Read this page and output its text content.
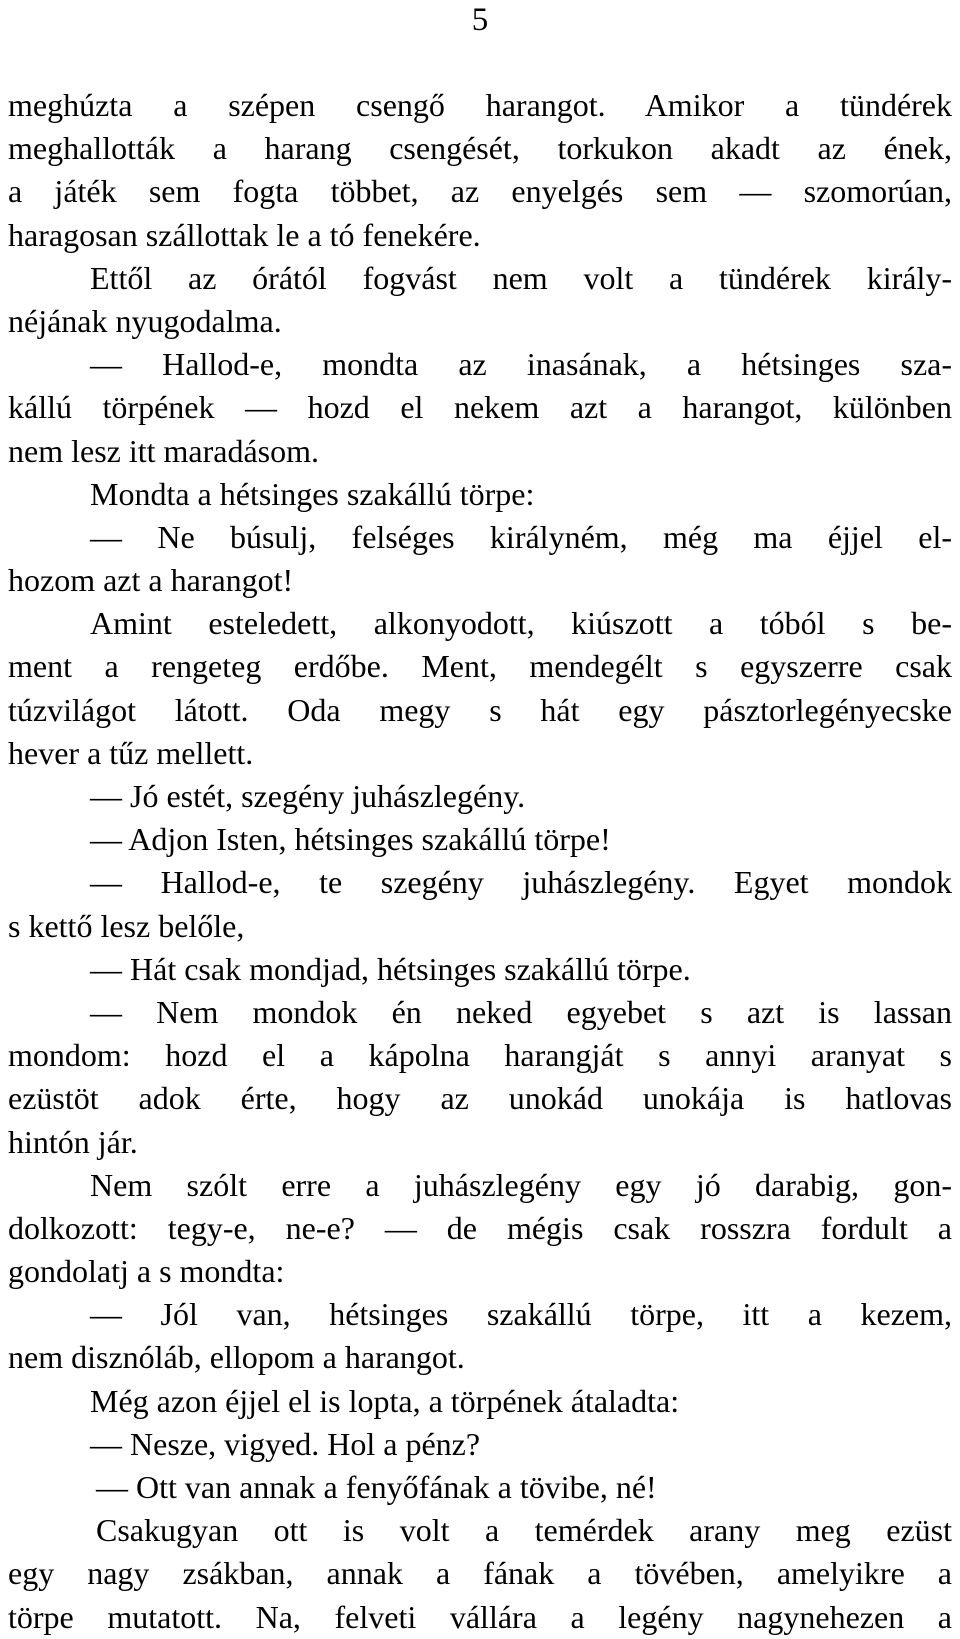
5
meghúzta a szépen csengő harangot. Amikor a tündérek
meghallották a harang csengését, torkukon akadt az ének,
a játék sem fogta többet, az enyelgés sem — szomorúan,
haragosan szállottak le a tó fenekére.
Ettől az órától fogvást nem volt a tündérek király-
néjának nyugodalma.
— Hallod-e, mondta az inasának, a hétsinges sza-
kállú törpének — hozd el nekem azt a harangot, különben
nem lesz itt maradásom.
Mondta a hétsinges szakállú törpe:
— Ne búsulj, felséges királyném, még ma éjjel el-
hozom azt a harangot!
Amint esteledett, alkonyodott, kiúszott a tóból s be-
ment a rengeteg erdőbe. Ment, mendegélt s egyszerre csak
túzvilágot látott. Oda megy s hát egy pásztorlegényecske
hever a tűz mellett.
— Jó estét, szegény juhászlegény.
— Adjon Isten, hétsinges szakállú törpe!
— Hallod-e, te szegény juhászlegény. Egyet mondok
s kettő lesz belőle,
— Hát csak mondjad, hétsinges szakállú törpe.
— Nem mondok én neked egyebet s azt is lassan
mondom: hozd el a kápolna harangját s annyi aranyat s
ezüstöt adok érte, hogy az unokád unokája is hatlovas
hintón jár.
Nem szólt erre a juhászlegény egy jó darabig, gon-
dolkozott: tegy-e, ne-e? — de mégis csak rosszra fordult a
gondolatj a s mondta:
— Jól van, hétsinges szakállú törpe, itt a kezem,
nem disznóláb, ellopom a harangot.
Még azon éjjel el is lopta, a törpének átaladta:
— Nesze, vigyed. Hol a pénz?
— Ott van annak a fenyőfának a tövibe, né!
Csakugyan ott is volt a temérdek arany meg ezüst
egy nagy zsákban, annak a fának a tövében, amelyikre a
törpe mutatott. Na, felveti vállára a legény nagynehezen a
